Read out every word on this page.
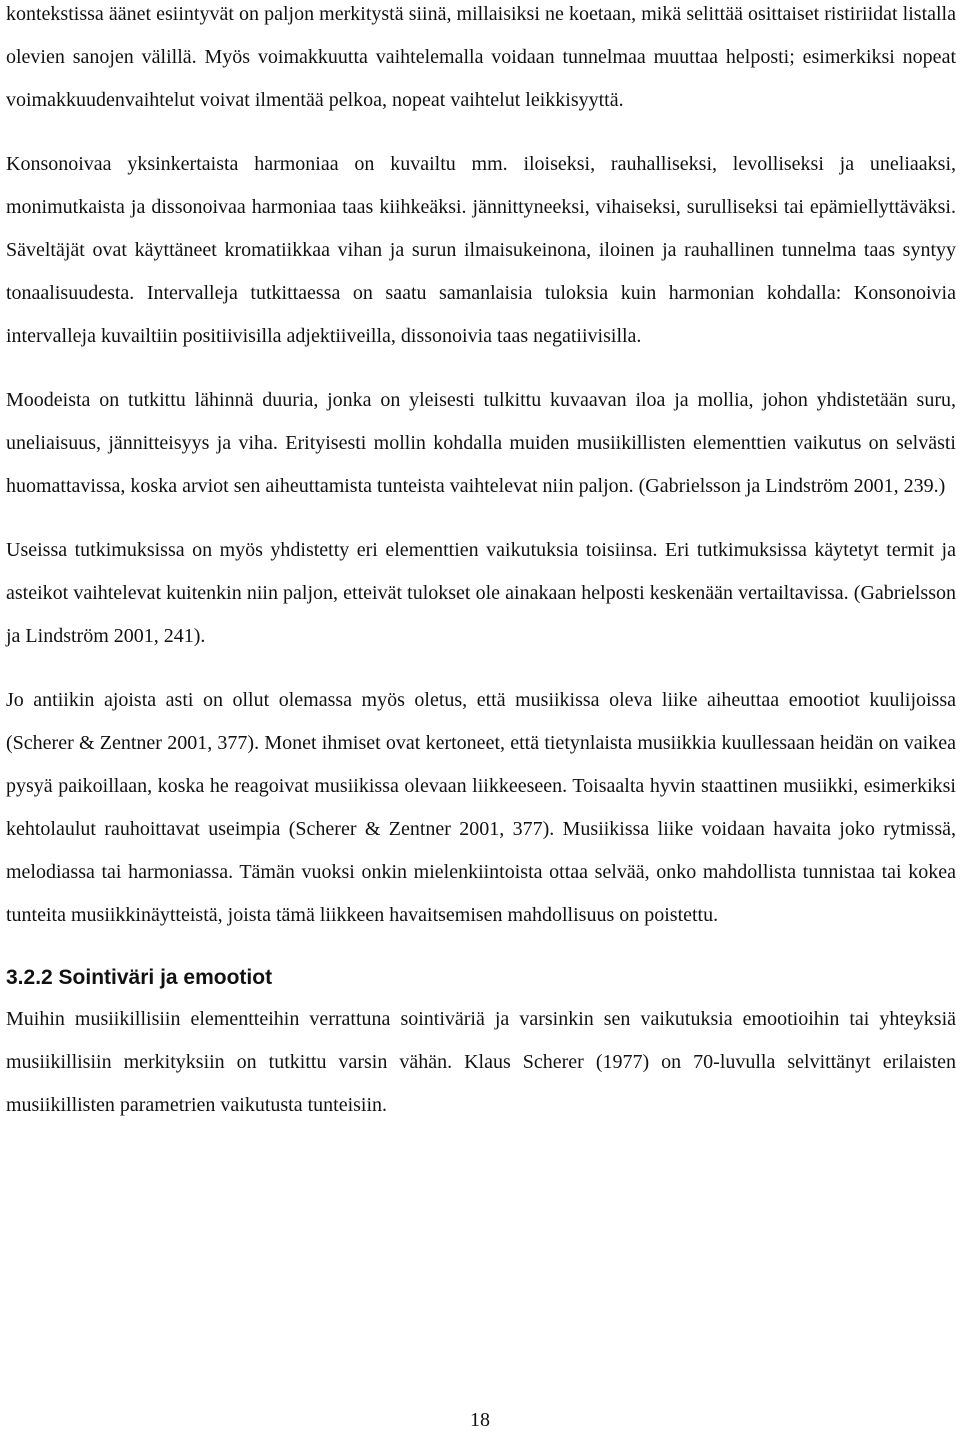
kontekstissa äänet esiintyvät on paljon merkitystä siinä, millaisiksi ne koetaan, mikä selittää osittaiset ristiriidat listalla olevien sanojen välillä. Myös voimakkuutta vaihtelemalla voidaan tunnelmaa muuttaa helposti; esimerkiksi nopeat voimakkuudenvaihtelut voivat ilmentää pelkoa, nopeat vaihtelut leikkisyyttä.

Konsonoivaa yksinkertaista harmoniaa on kuvailtu mm. iloiseksi, rauhalliseksi, levolliseksi ja uneliaaksi, monimutkaista ja dissonoivaa harmoniaa taas kiihkeäksi. jännittyneeksi, vihaiseksi, surulliseksi tai epämiellyttäväksi. Säveltäjät ovat käyttäneet kromatiikkaa vihan ja surun ilmaisukeinona, iloinen ja rauhallinen tunnelma taas syntyy tonaalisuudesta. Intervalleja tutkittaessa on saatu samanlaisia tuloksia kuin harmonian kohdalla: Konsonoivia intervalleja kuvailtiin positiivisilla adjektiiveilla, dissonoivia taas negatiivisilla.

Moodeista on tutkittu lähinnä duuria, jonka on yleisesti tulkittu kuvaavan iloa ja mollia, johon yhdistetään suru, uneliaisuus, jännitteisyys ja viha. Erityisesti mollin kohdalla muiden musiikillisten elementtien vaikutus on selvästi huomattavissa, koska arviot sen aiheuttamista tunteista vaihtelevat niin paljon. (Gabrielsson ja Lindström 2001, 239.)

Useissa tutkimuksissa on myös yhdistetty eri elementtien vaikutuksia toisiinsa. Eri tutkimuksissa käytetyt termit ja asteikot vaihtelevat kuitenkin niin paljon, etteivät tulokset ole ainakaan helposti keskenään vertailtavissa. (Gabrielsson ja Lindström 2001, 241).

Jo antiikin ajoista asti on ollut olemassa myös oletus, että musiikissa oleva liike aiheuttaa emootiot kuulijoissa (Scherer & Zentner 2001, 377). Monet ihmiset ovat kertoneet, että tietynlaista musiikkia kuullessaan heidän on vaikea pysyä paikoillaan, koska he reagoivat musiikissa olevaan liikkeeseen. Toisaalta hyvin staattinen musiikki, esimerkiksi kehtolaulut rauhoittavat useimpia (Scherer & Zentner 2001, 377). Musiikissa liike voidaan havaita joko rytmissä, melodiassa tai harmoniassa. Tämän vuoksi onkin mielenkiintoista ottaa selvää, onko mahdollista tunnistaa tai kokea tunteita musiikkinäytteistä, joista tämä liikkeen havaitsemisen mahdollisuus on poistettu.

3.2.2 Sointiväri ja emootiot

Muihin musiikillisiin elementteihin verrattuna sointiväriä ja varsinkin sen vaikutuksia emootioihin tai yhteyksiä musiikillisiin merkityksiin on tutkittu varsin vähän. Klaus Scherer (1977) on 70-luvulla selvittänyt erilaisten musiikillisten parametrien vaikutusta tunteisiin.

18
